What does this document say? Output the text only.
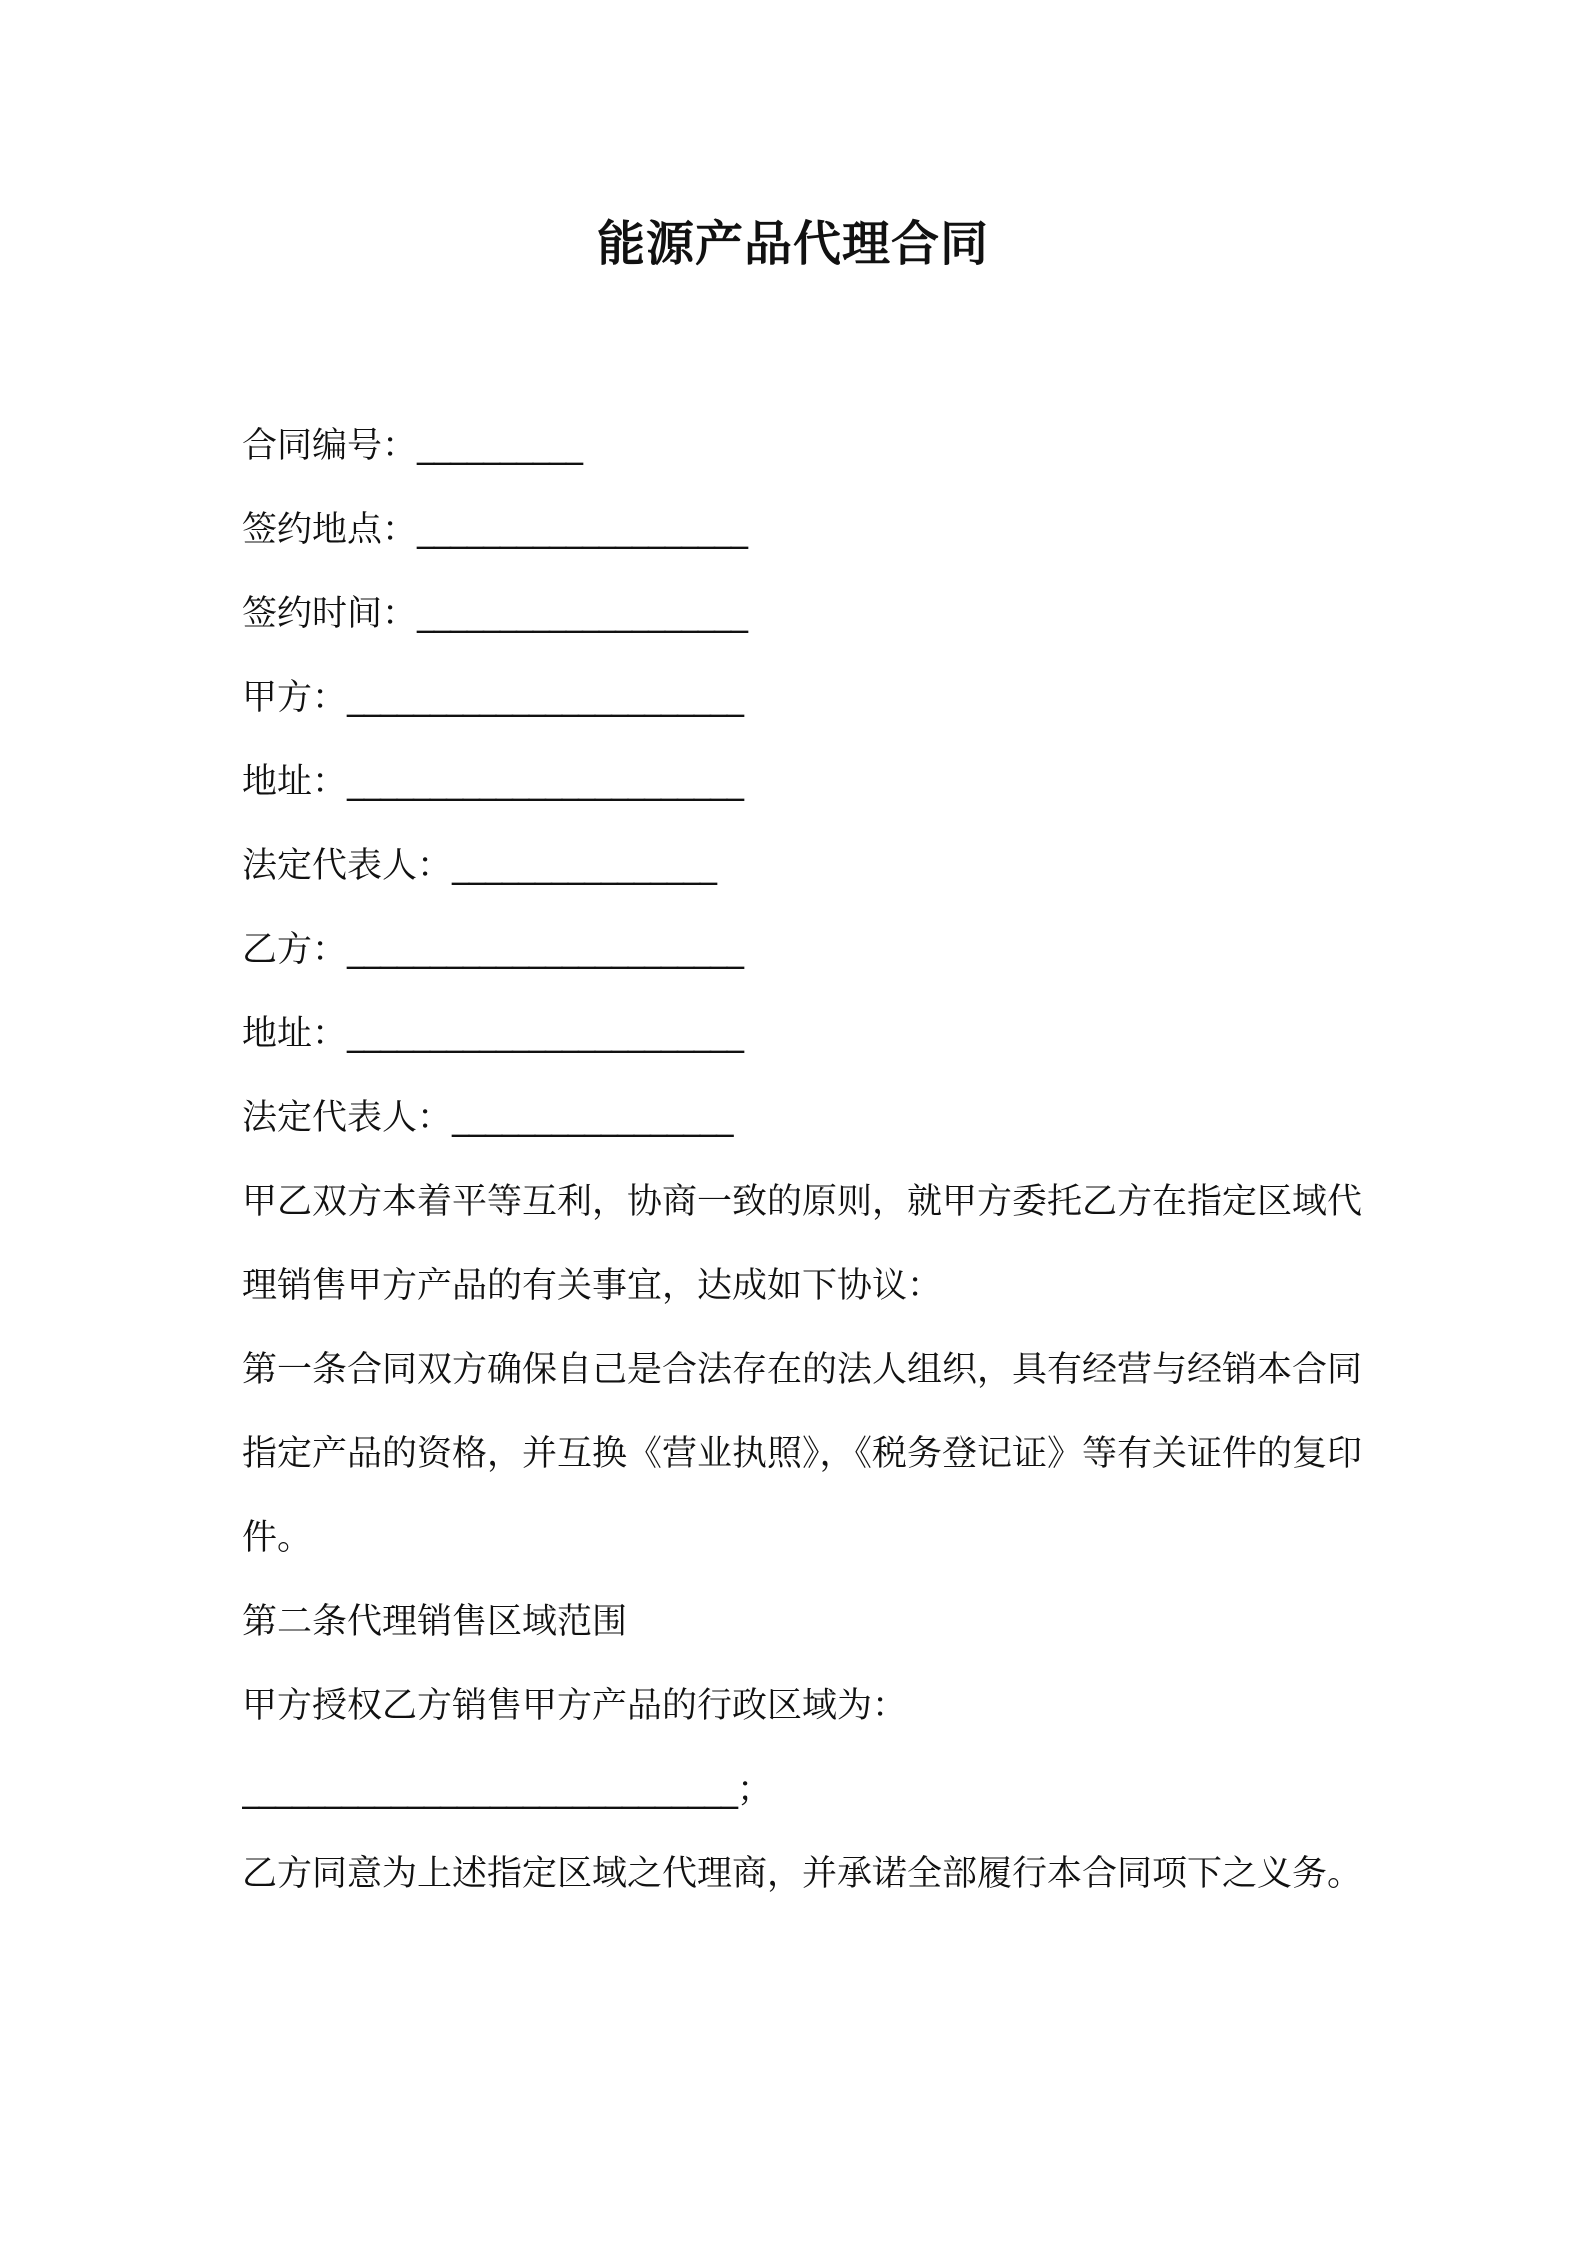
能源产品代理合同
合同编号：__________
签约地点：____________________
签约时间：____________________
甲方：________________________
地址：________________________
法定代表人：________________
乙方：________________________
地址：________________________
法定代表人：_________________

甲乙双方本着平等互利，协商一致的原则，就甲方委托乙方在指定区域代理销售甲方产品的有关事宜，达成如下协议：

第一条合同双方确保自己是合法存在的法人组织，具有经营与经销本合同指定产品的资格，并互换《营业执照》，《税务登记证》等有关证件的复印件。

第二条代理销售区域范围

甲方授权乙方销售甲方产品的行政区域为：

______________________________；

乙方同意为上述指定区域之代理商，并承诺全部履行本合同项下之义务。
